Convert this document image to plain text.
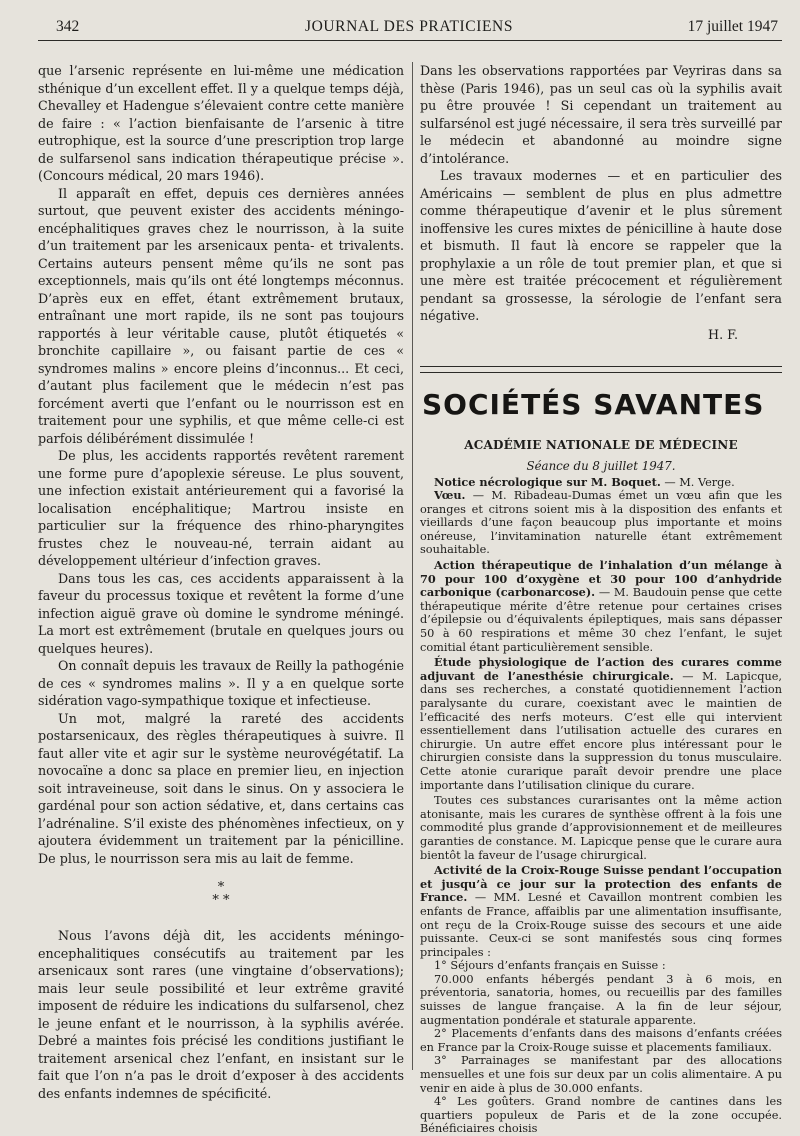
342	JOURNAL DES PRATICIENS	17 juillet 1947

que l’arsenic représente en lui-même une médication sthénique d’un excellent effet. Il y a quelque temps déjà, Chevalley et Hadengue s’élevaient contre cette manière de faire : « l’action bienfaisante de l’arsenic à titre eutrophique, est la source d’une prescription trop large de sulfarsenol sans indication thérapeutique précise ». (Concours médical, 20 mars 1946).

Il apparaît en effet, depuis ces dernières années surtout, que peuvent exister des accidents méningo-encéphalitiques graves chez le nourrisson, à la suite d’un traitement par les arsenicaux penta- et trivalents. Certains auteurs pensent même qu’ils ne sont pas exceptionnels, mais qu’ils ont été longtemps méconnus. D’après eux en effet, étant extrêmement brutaux, entraînant une mort rapide, ils ne sont pas toujours rapportés à leur véritable cause, plutôt étiquetés « bronchite capillaire », ou faisant partie de ces « syndromes malins » encore pleins d’inconnus... Et ceci, d’autant plus facilement que le médecin n’est pas forcément averti que l’enfant ou le nourrisson est en traitement pour une syphilis, et que même celle-ci est parfois délibérément dissimulée !

De plus, les accidents rapportés revêtent rarement une forme pure d’apoplexie séreuse. Le plus souvent, une infection existait antérieurement qui a favorisé la localisation encéphalitique; Martrou insiste en particulier sur la fréquence des rhino-pharyngites frustes chez le nouveau-né, terrain aidant au développement ultérieur d’infection graves.

Dans tous les cas, ces accidents apparaissent à la faveur du processus toxique et revêtent la forme d’une infection aiguë grave où domine le syndrome méningé. La mort est extrêmement (brutale en quelques jours ou quelques heures).

On connaît depuis les travaux de Reilly la pathogénie de ces « syndromes malins ». Il y a en quelque sorte sidération vago-sympathique toxique et infectieuse.

Un mot, malgré la rareté des accidents postarsenicaux, des règles thérapeutiques à suivre. Il faut aller vite et agir sur le système neurovégétatif. La novocaïne a donc sa place en premier lieu, en injection soit intraveineuse, soit dans le sinus. On y associera le gardénal pour son action sédative, et, dans certains cas l’adrénaline. S’il existe des phénomènes infectieux, on y ajoutera évidemment un traitement par la pénicilline. De plus, le nourrisson sera mis au lait de femme.

*
* *

Nous l’avons déjà dit, les accidents méningo-encephalitiques consécutifs au traitement par les arsenicaux sont rares (une vingtaine d’observations); mais leur seule possibilité et leur extrême gravité imposent de réduire les indications du sulfarsenol, chez le jeune enfant et le nourrisson, à la syphilis avérée. Debré a maintes fois précisé les conditions justifiant le traitement arsenical chez l’enfant, en insistant sur le fait que l’on n’a pas le droit d’exposer à des accidents des enfants indemnes de spécificité.

Dans les observations rapportées par Veyriras dans sa thèse (Paris 1946), pas un seul cas où la syphilis avait pu être prouvée ! Si cependant un traitement au sulfarsénol est jugé nécessaire, il sera très surveillé par le médecin et abandonné au moindre signe d’intolérance.

Les travaux modernes — et en particulier des Américains — semblent de plus en plus admettre comme thérapeutique d’avenir et le plus sûrement inoffensive les cures mixtes de pénicilline à haute dose et bismuth. Il faut là encore se rappeler que la prophylaxie a un rôle de tout premier plan, et que si une mère est traitée précocement et régulièrement pendant sa grossesse, la sérologie de l’enfant sera négative.

H. F.
SOCIÉTÉS SAVANTES
ACADÉMIE NATIONALE DE MÉDECINE
Séance du 8 juillet 1947.

Notice nécrologique sur M. Boquet. — M. Verge.

Vœu. — M. Ribadeau-Dumas émet un vœu afin que les oranges et citrons soient mis à la disposition des enfants et vieillards d’une façon beaucoup plus importante et moins onéreuse, l’invitamination naturelle étant extrêmement souhaitable.

Action thérapeutique de l’inhalation d’un mélange à 70 pour 100 d’oxygène et 30 pour 100 d’anhydride carbonique (carbonarcose). — M. Baudouin pense que cette thérapeutique mérite d’être retenue pour certaines crises d’épilepsie ou d’équivalents épileptiques, mais sans dépasser 50 à 60 respirations et même 30 chez l’enfant, le sujet comitial étant particulièrement sensible.

Étude physiologique de l’action des curares comme adjuvant de l’anesthésie chirurgicale. — M. Lapicque, dans ses recherches, a constaté quotidiennement l’action paralysante du curare, coexistant avec le maintien de l’efficacité des nerfs moteurs. C’est elle qui intervient essentiellement dans l’utilisation actuelle des curares en chirurgie. Un autre effet encore plus intéressant pour le chirurgien consiste dans la suppression du tonus musculaire. Cette atonie curarique paraît devoir prendre une place importante dans l’utilisation clinique du curare.

Toutes ces substances curarisantes ont la même action atonisante, mais les curares de synthèse offrent à la fois une commodité plus grande d’approvisionnement et de meilleures garanties de constance. M. Lapicque pense que le curare aura bientôt la faveur de l’usage chirurgical.

Activité de la Croix-Rouge Suisse pendant l’occupation et jusqu’à ce jour sur la protection des enfants de France. — MM. Lesné et Cavaillon montrent combien les enfants de France, affaiblis par une alimentation insuffisante, ont reçu de la Croix-Rouge suisse des secours et une aide puissante. Ceux-ci se sont manifestés sous cinq formes principales :

1° Séjours d’enfants français en Suisse :

70.000 enfants hébergés pendant 3 à 6 mois, en préventoria, sanatoria, homes, ou recueillis par des familles suisses de langue française. A la fin de leur séjour, augmentation pondérale et staturale apparente.

2° Placements d’enfants dans des maisons d’enfants créées en France par la Croix-Rouge suisse et placements familiaux.

3° Parrainages se manifestant par des allocations mensuelles et une fois sur deux par un colis alimentaire. A pu venir en aide à plus de 30.000 enfants.

4° Les goûters. Grand nombre de cantines dans les quartiers populeux de Paris et de la zone occupée. Bénéficiaires choisis
